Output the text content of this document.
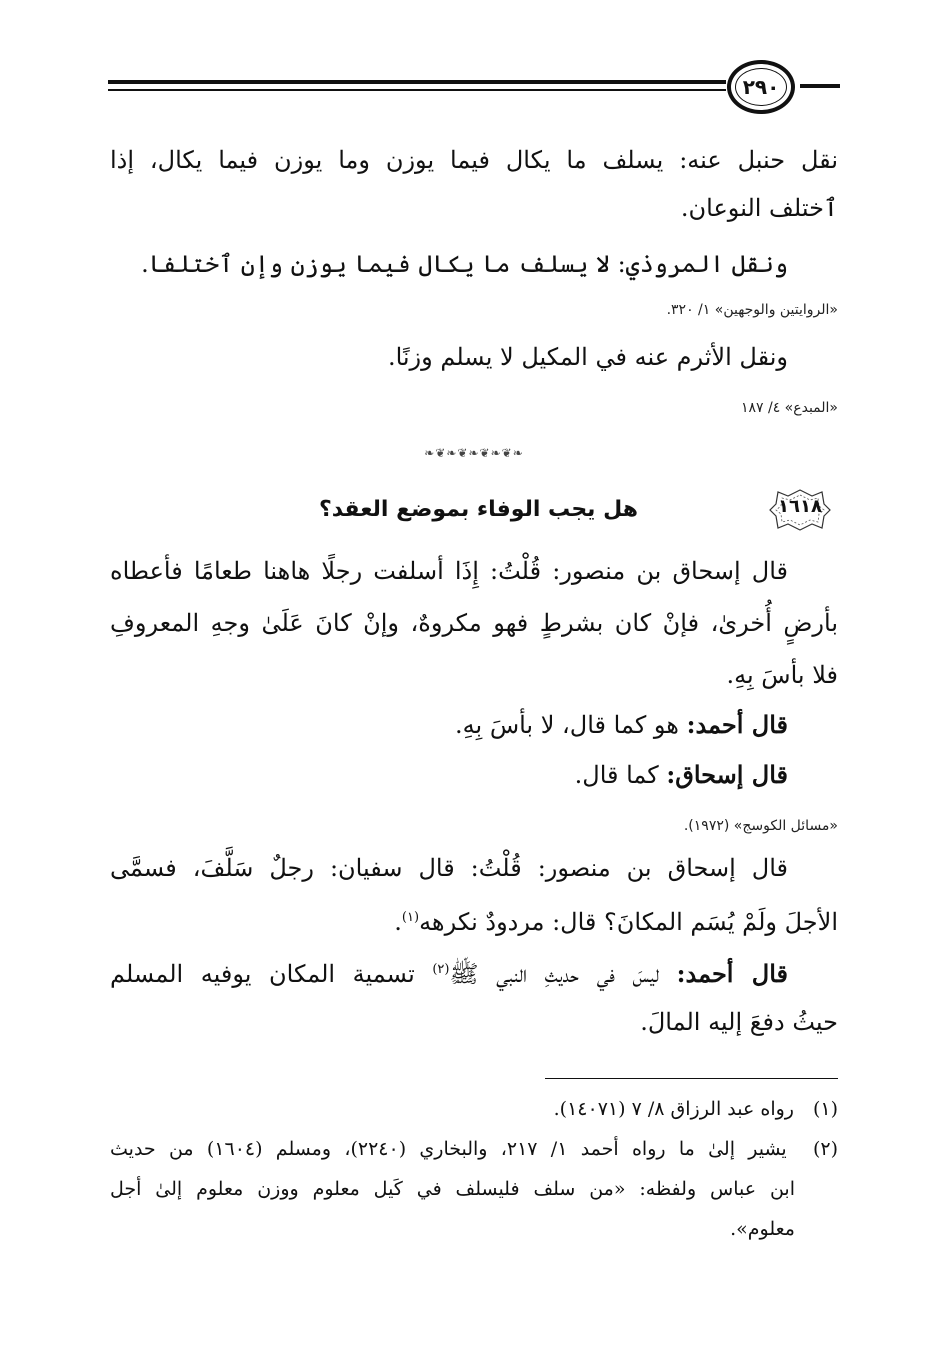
٢٩٠
نقل حنبل عنه: يسلف ما يكال فيما يوزن وما يوزن فيما يكال، إذا
ٱختلف النوعان.
ونقل المروذي: لا يسلف ما يكال فيما يوزن وإن ٱختلفا.
«الروايتين والوجهين» ١/ ٣٢٠.
ونقل الأثرم عنه في المكيل لا يسلم وزنًا.
«المبدع» ٤/ ١٨٧
❧❦❧❦❧❦❧❦❧
١٦١٨
هل يجب الوفاء بموضع العقد؟
قال إسحاق بن منصور: قُلْتُ: إِذَا أسلفت رجلًا هاهنا طعامًا فأعطاه
بأرضٍ أُخرىٰ، فإنْ كان بشرطٍ فهو مكروهٌ، وإنْ كانَ عَلَىٰ وجهِ المعروفِ
فلا بأسَ بِهِ.
قال أحمد: هو كما قال، لا بأسَ بِهِ.
قال إسحاق: كما قال.
«مسائل الكوسج» (١٩٧٢).
قال إسحاق بن منصور: قُلْتُ: قال سفيان: رجلٌ سَلَّفَ، فسمَّى
الأجلَ ولَمْ يُسَم المكانَ؟ قال: مردودٌ نكرهه$^{(١)}$.
قال أحمد: ليسَ في حديثِ النبي ﷺ$^{(٢)}$ تسمية المكان يوفيه المسلم
حيثُ دفعَ إليه المالَ.
(١) رواه عبد الرزاق ٨/ ٧ (١٤٠٧١).
(٢) يشير إلىٰ ما رواه أحمد ١/ ٢١٧، والبخاري (٢٢٤٠)، ومسلم (١٦٠٤) من حديث
ابن عباس ولفظه: «من سلف فليسلف في كَيل معلوم ووزن معلوم إلىٰ أجل
معلوم».
